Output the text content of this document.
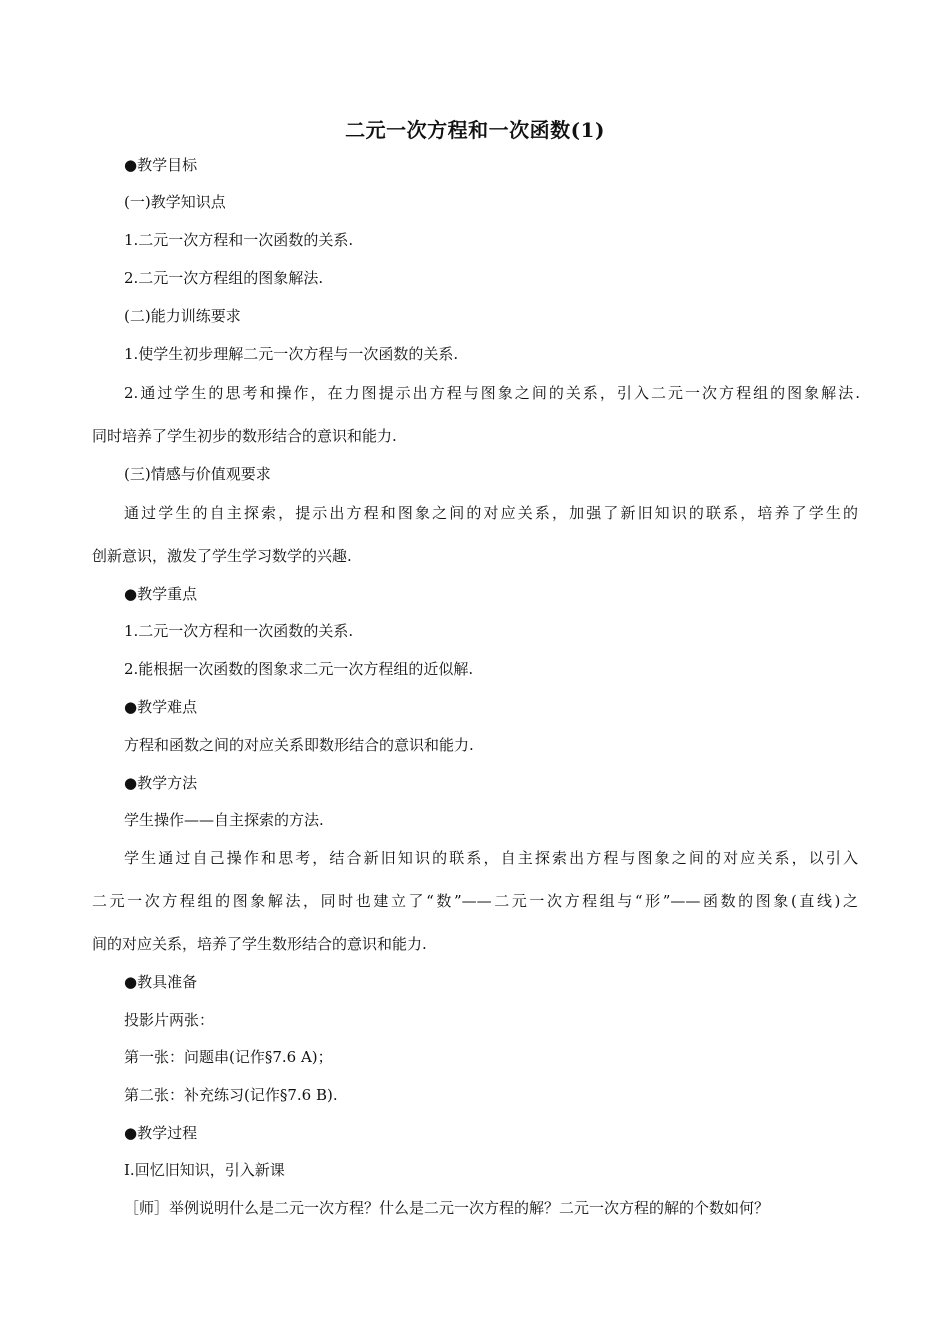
二元一次方程和一次函数(1)
●教学目标
(一)教学知识点
1.二元一次方程和一次函数的关系.
2.二元一次方程组的图象解法.
(二)能力训练要求
1.使学生初步理解二元一次方程与一次函数的关系.
2.通过学生的思考和操作，在力图提示出方程与图象之间的关系，引入二元一次方程组的图象解法.
同时培养了学生初步的数形结合的意识和能力.
(三)情感与价值观要求
通过学生的自主探索，提示出方程和图象之间的对应关系，加强了新旧知识的联系，培养了学生的
创新意识，激发了学生学习数学的兴趣.
●教学重点
1.二元一次方程和一次函数的关系.
2.能根据一次函数的图象求二元一次方程组的近似解.
●教学难点
方程和函数之间的对应关系即数形结合的意识和能力.
●教学方法
学生操作——自主探索的方法.
学生通过自己操作和思考，结合新旧知识的联系，自主探索出方程与图象之间的对应关系，以引入
二元一次方程组的图象解法，同时也建立了“数”——二元一次方程组与“形”——函数的图象(直线)之
间的对应关系，培养了学生数形结合的意识和能力.
●教具准备
投影片两张：
第一张：问题串(记作§7.6 A)；
第二张：补充练习(记作§7.6 B).
●教学过程
Ⅰ.回忆旧知识，引入新课
［师］举例说明什么是二元一次方程？什么是二元一次方程的解？二元一次方程的解的个数如何？
